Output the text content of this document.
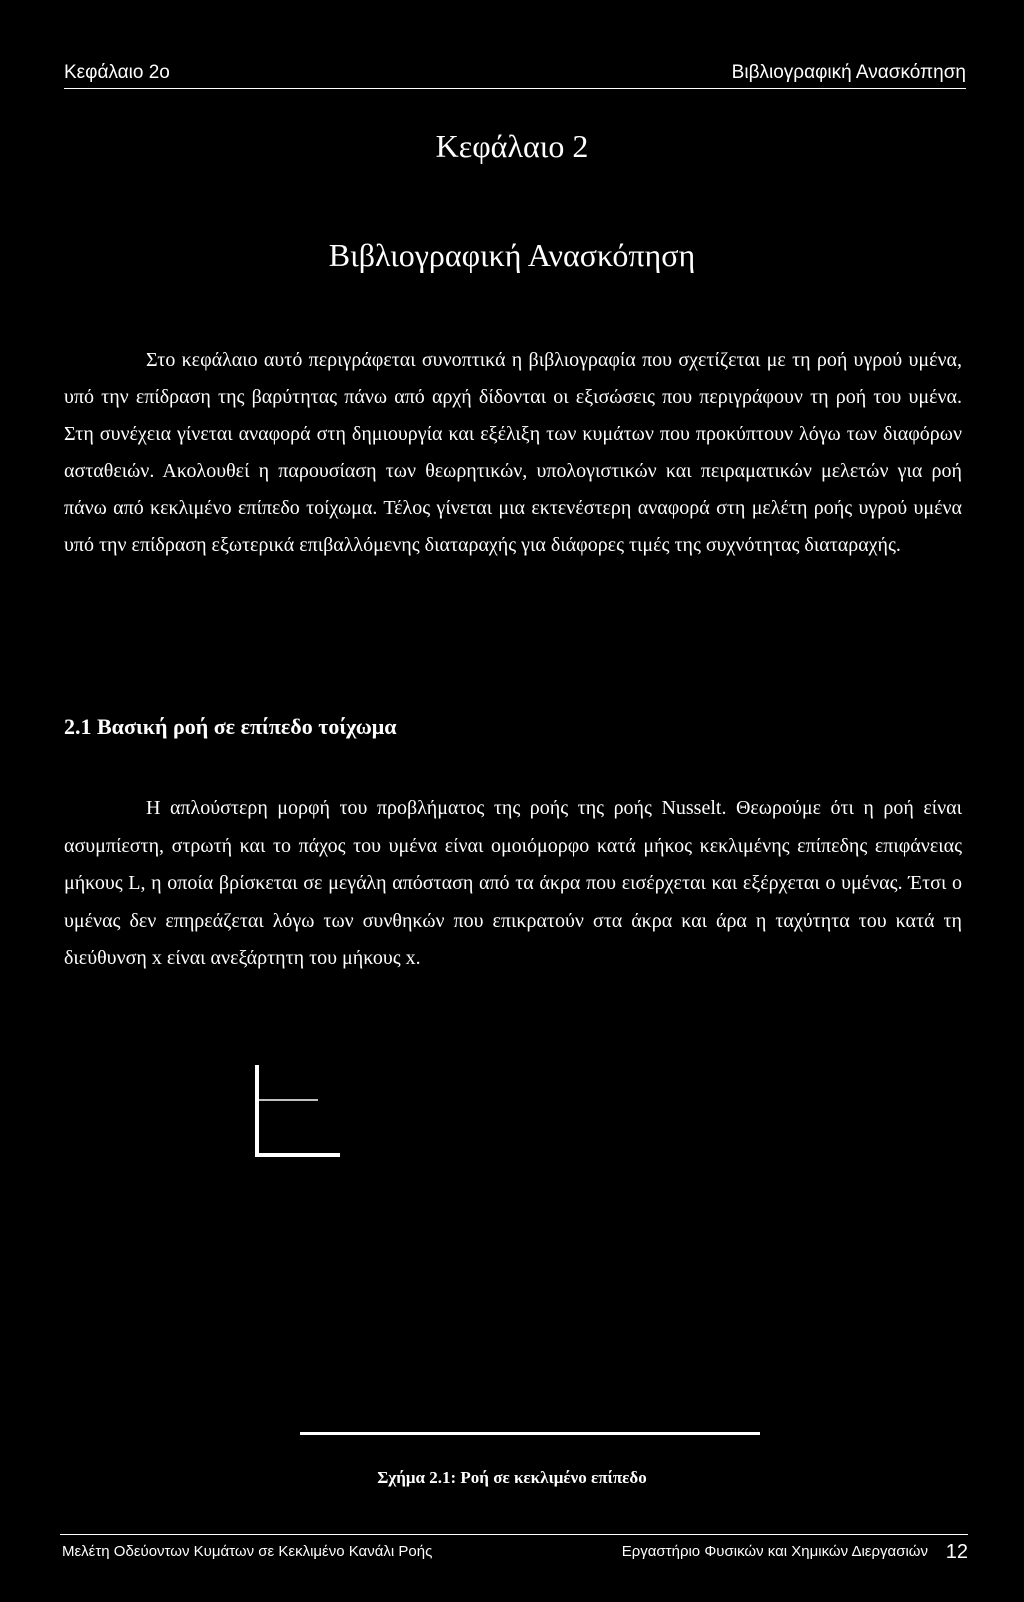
Κεφάλαιο 2ο	Βιβλιογραφική Ανασκόπηση
Κεφάλαιο 2
Βιβλιογραφική Ανασκόπηση

Στο κεφάλαιο αυτό περιγράφεται συνοπτικά η βιβλιογραφία που σχετίζεται με τη ροή υγρού υμένα, υπό την επίδραση της βαρύτητας πάνω από αρχή δίδονται οι εξισώσεις που περιγράφουν τη ροή του υμένα. Στη συνέχεια γίνεται αναφορά στη δημιουργία και εξέλιξη των κυμάτων που προκύπτουν λόγω των διαφόρων ασταθειών. Ακολουθεί η παρουσίαση των θεωρητικών, υπολογιστικών και πειραματικών μελετών για ροή πάνω από κεκλιμένο επίπεδο τοίχωμα. Τέλος γίνεται μια εκτενέστερη αναφορά στη μελέτη ροής υγρού υμένα υπό την επίδραση εξωτερικά επιβαλλόμενης διαταραχής για διάφορες τιμές της συχνότητας διαταραχής.

2.1 Βασική ροή σε επίπεδο τοίχωμα

Η απλούστερη μορφή του προβλήματος της ροής της ροής Nusselt. Θεωρούμε ότι η ροή είναι ασυμπίεστη, στρωτή και το πάχος του υμένα είναι ομοιόμορφο κατά μήκος κεκλιμένης επίπεδης επιφάνειας μήκους L, η οποία βρίσκεται σε μεγάλη απόσταση από τα άκρα που εισέρχεται και εξέρχεται ο υμένας. Έτσι ο υμένας δεν επηρεάζεται λόγω των συνθηκών που επικρατούν στα άκρα και άρα η ταχύτητα του κατά τη διεύθυνση x είναι ανεξάρτητη του μήκους x.

Σχήμα 2.1: Ροή σε κεκλιμένο επίπεδο
Μελέτη Οδεύοντων Κυμάτων σε Κεκλιμένο Κανάλι Ροής	Εργαστήριο Φυσικών και Χημικών Διεργασιών 12
